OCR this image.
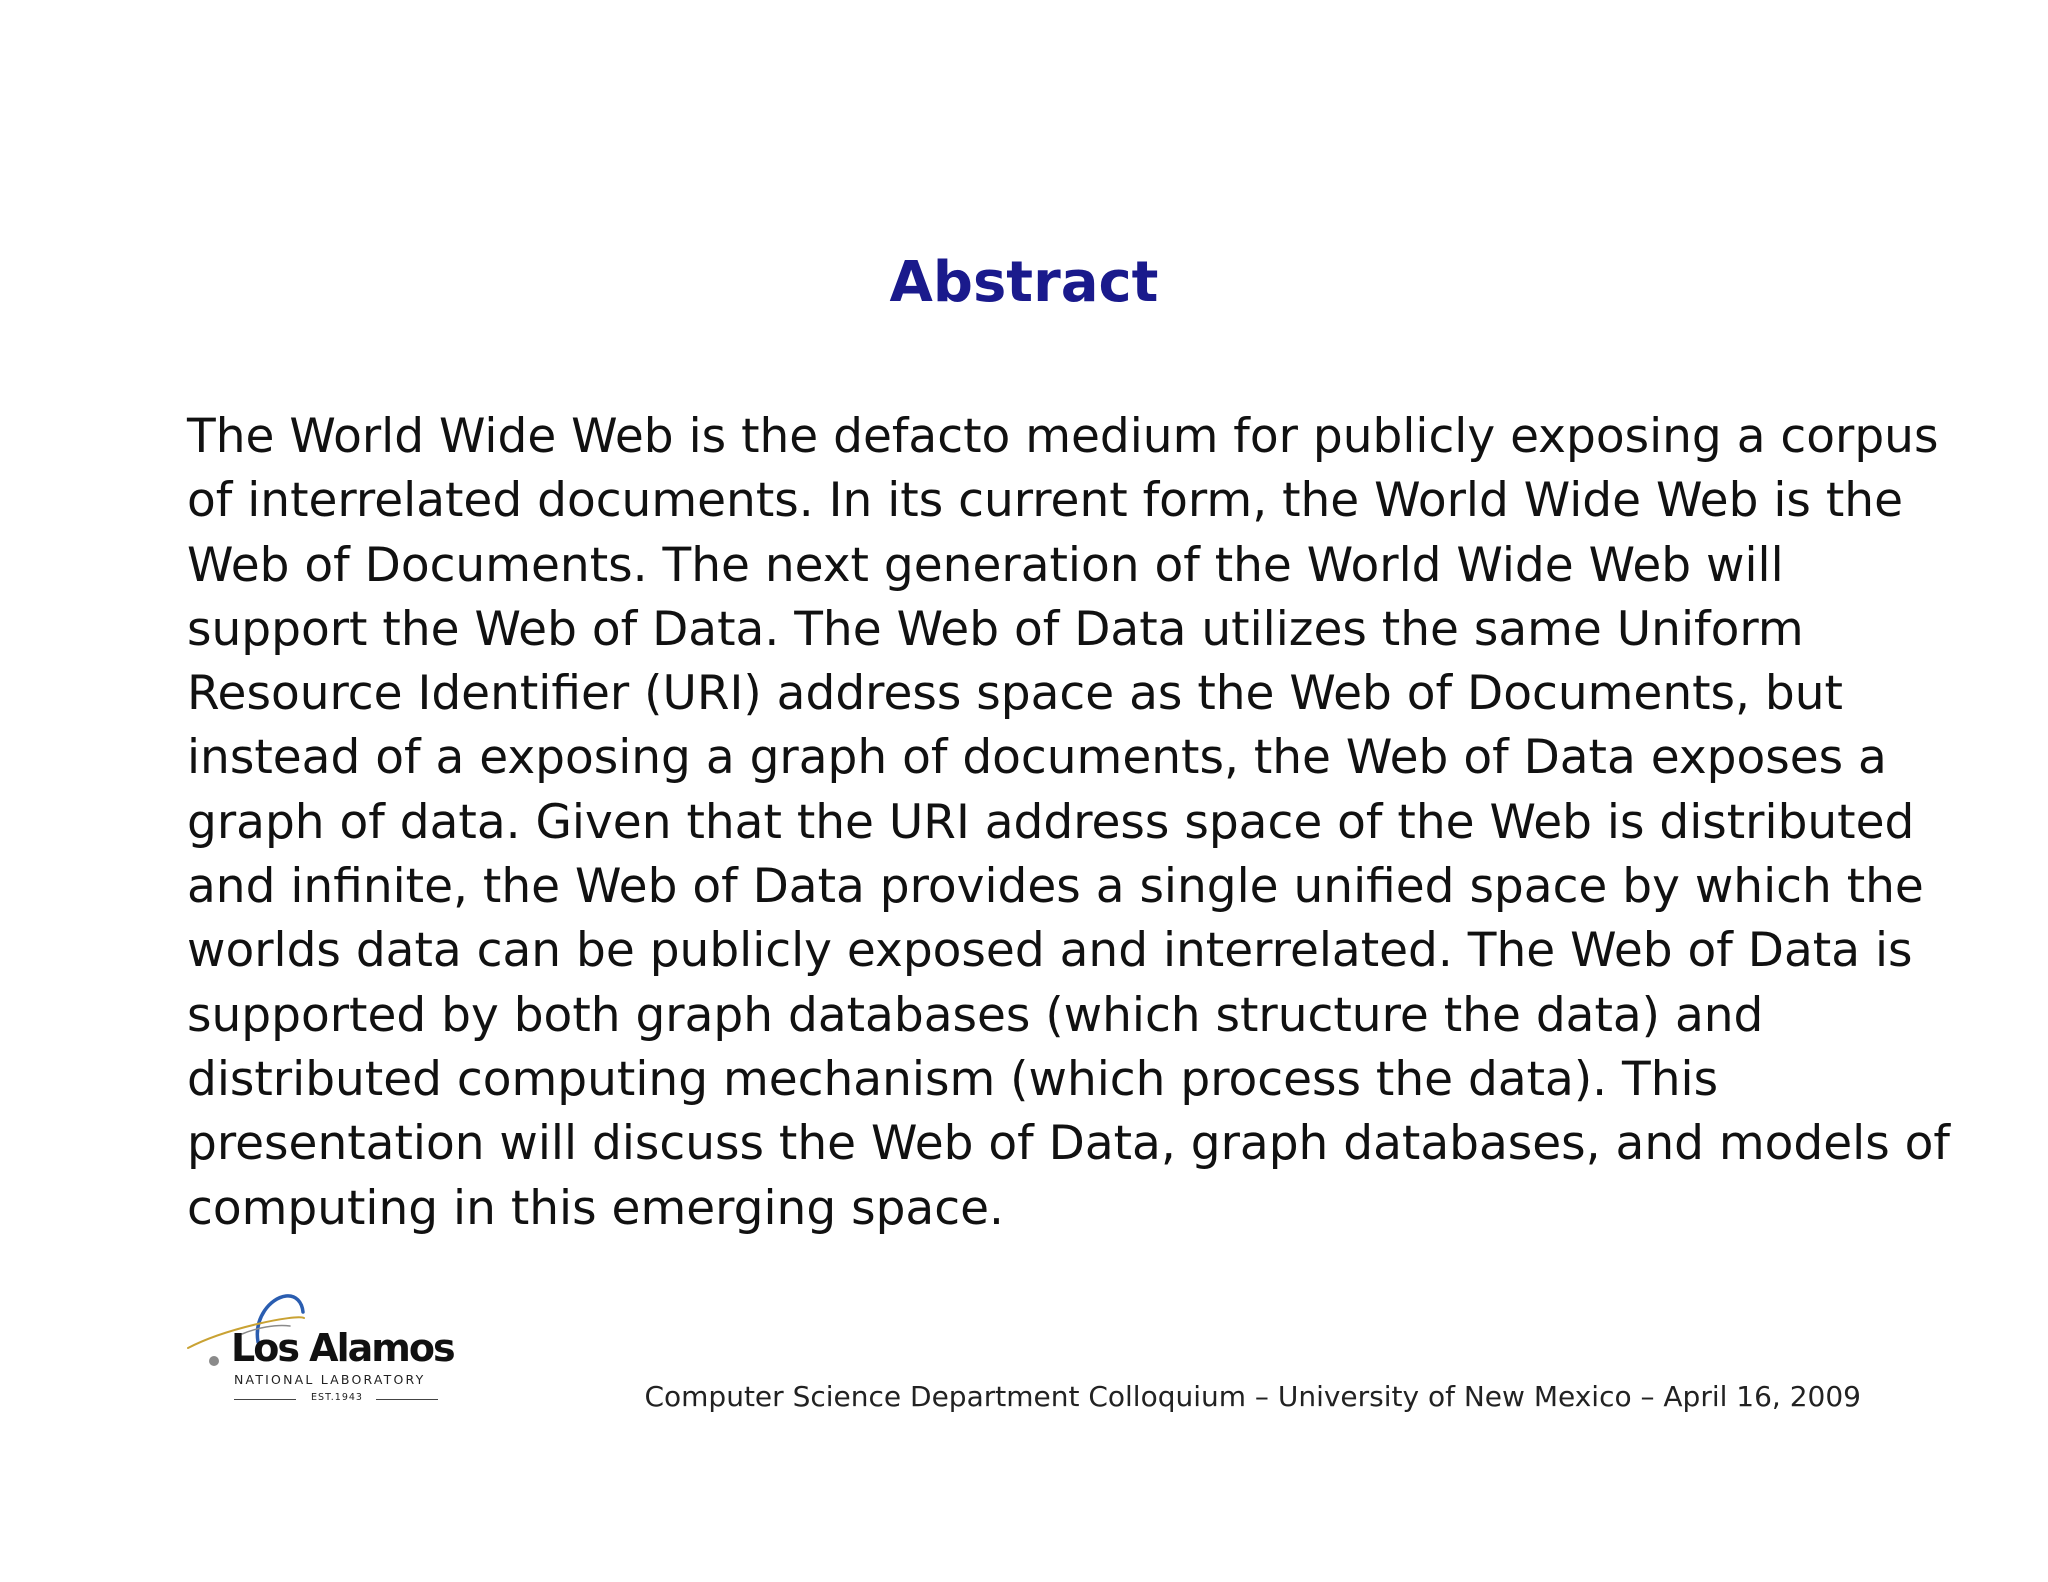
Abstract
The World Wide Web is the defacto medium for publicly exposing a corpus
of interrelated documents. In its current form, the World Wide Web is the
Web of Documents. The next generation of the World Wide Web will
support the Web of Data. The Web of Data utilizes the same Uniform
Resource Identifier (URI) address space as the Web of Documents, but
instead of a exposing a graph of documents, the Web of Data exposes a
graph of data. Given that the URI address space of the Web is distributed
and infinite, the Web of Data provides a single unified space by which the
worlds data can be publicly exposed and interrelated. The Web of Data is
supported by both graph databases (which structure the data) and
distributed computing mechanism (which process the data). This
presentation will discuss the Web of Data, graph databases, and models of
computing in this emerging space.
Los Alamos
NATIONAL LABORATORY
EST.1943	Computer Science Department Colloquium – University of New Mexico – April 16, 2009
